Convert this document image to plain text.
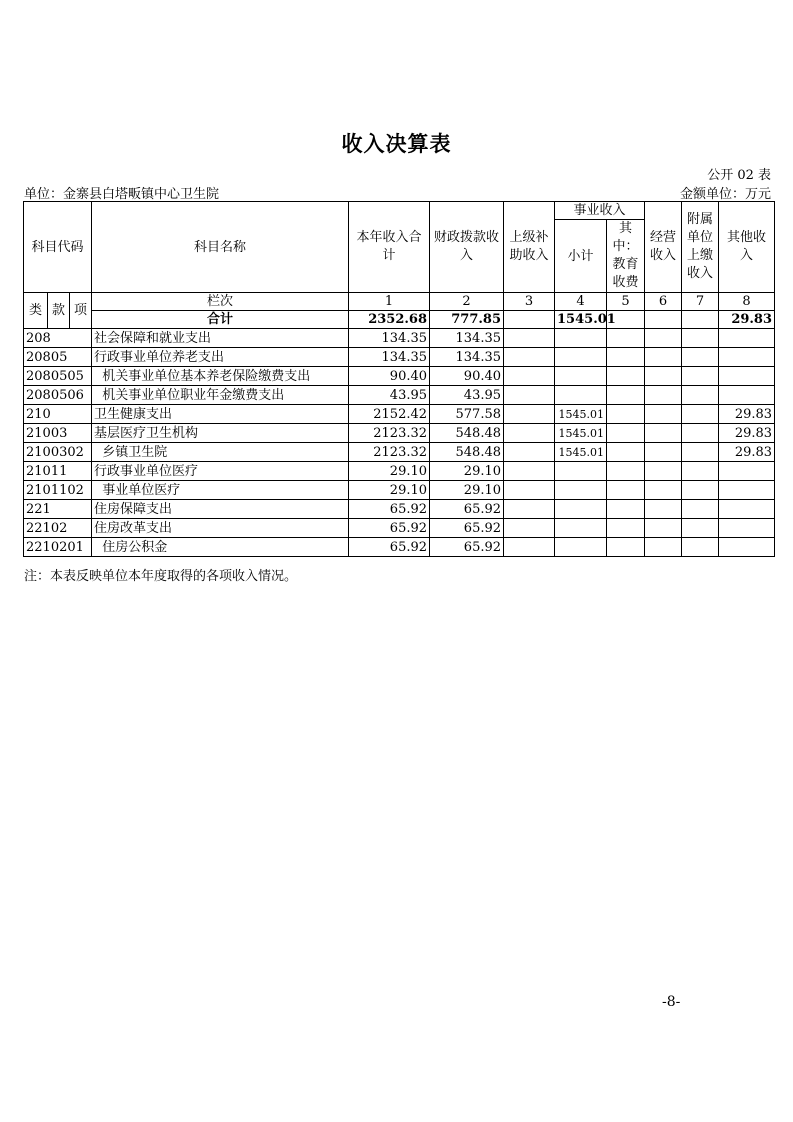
收入决算表
公开 02 表
单位：金寨县白塔畈镇中心卫生院	金额单位：万元
科目代码			科目名称	本年收入合计	财政拨款收入	上级补助收入	事业收入		经营收入	附属单位上缴收入	其他收入
							小计	其中：教育收费			

类	款	项	栏次	1	2	3	4	5	6	7	8
			合计	2352.68	777.85		1545.01				29.83
208			社会保障和就业支出	134.35	134.35						
20805			行政事业单位养老支出	134.35	134.35						
2080505			机关事业单位基本养老保险缴费支出	90.40	90.40						
2080506			机关事业单位职业年金缴费支出	43.95	43.95						
210			卫生健康支出	2152.42	577.58		1545.01				29.83
21003			基层医疗卫生机构	2123.32	548.48		1545.01				29.83
2100302			乡镇卫生院	2123.32	548.48		1545.01				29.83
21011			行政事业单位医疗	29.10	29.10						
2101102			事业单位医疗	29.10	29.10						
221			住房保障支出	65.92	65.92						
22102			住房改革支出	65.92	65.92						
2210201			住房公积金	65.92	65.92						
注：本表反映单位本年度取得的各项收入情况。
-8-
